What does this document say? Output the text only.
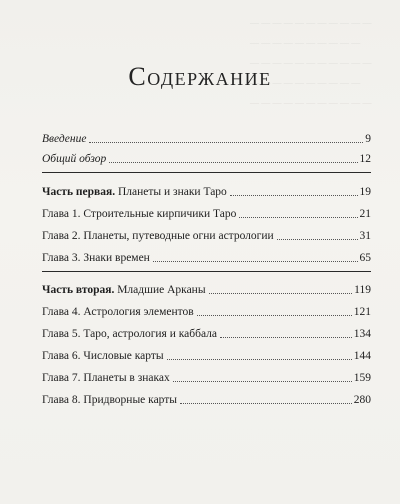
— — — — — — — — — — —
— — — — — — — — — —
— — — — — — — — — — —
— — — — — — — — — —
— — — — — — — — — — —
Содержание
Введение	9
Общий обзор	12
Часть первая. Планеты и знаки Таро	19
Глава 1. Строительные кирпичики Таро	21
Глава 2. Планеты, путеводные огни астрологии	31
Глава 3. Знаки времен	65
Часть вторая. Младшие Арканы	119
Глава 4. Астрология элементов	121
Глава 5. Таро, астрология и каббала	134
Глава 6. Числовые карты	144
Глава 7. Планеты в знаках	159
Глава 8. Придворные карты	280
